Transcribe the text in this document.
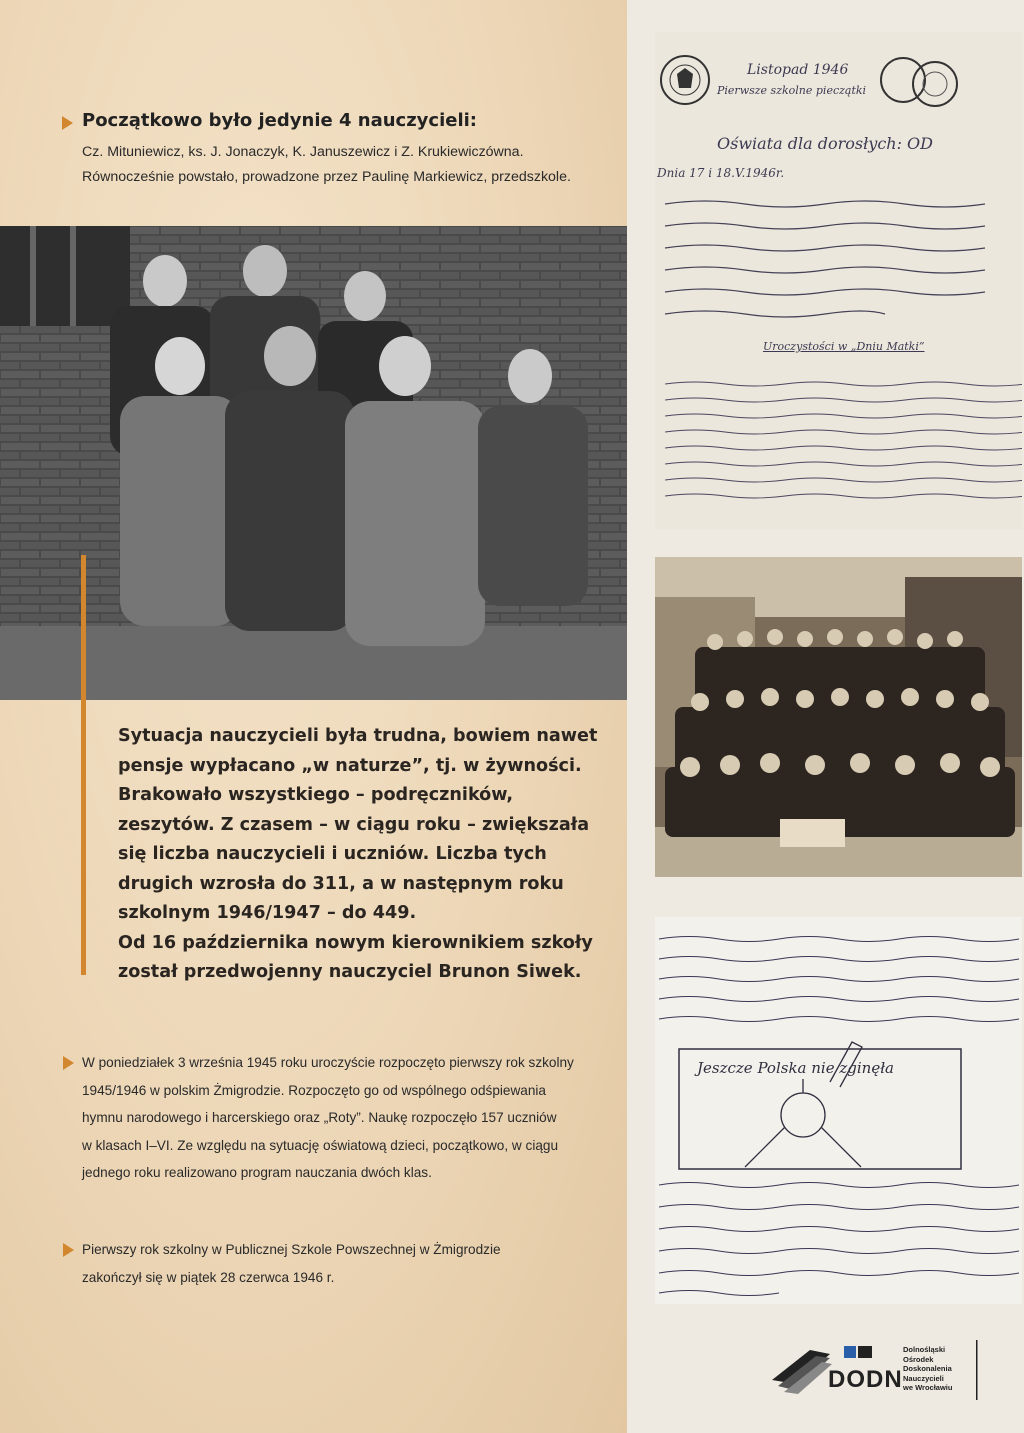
Początkowo było jedynie 4 nauczycieli:

Cz. Mituniewicz, ks. J. Jonaczyk, K. Januszewicz i Z. Krukiewiczówna.
Równocześnie powstało, prowadzone przez Paulinę Markiewicz, przedszkole.
Sytuacja nauczycieli była trudna, bowiem nawet
pensje wypłacano „w naturze”, tj. w żywności.
Brakowało wszystkiego – podręczników,
zeszytów. Z czasem – w ciągu roku – zwiększała
się liczba nauczycieli i uczniów. Liczba tych
drugich wzrosła do 311, a w następnym roku
szkolnym 1946/1947 – do 449.
Od 16 października nowym kierownikiem szkoły
został przedwojenny nauczyciel Brunon Siwek.
W poniedziałek 3 września 1945 roku uroczyście rozpoczęto pierwszy rok szkolny
1945/1946 w polskim Żmigrodzie. Rozpoczęto go od wspólnego odśpiewania
hymnu narodowego i harcerskiego oraz „Roty”. Naukę rozpoczęło 157 uczniów
w klasach I–VI. Ze względu na sytuację oświatową dzieci, początkowo, w ciągu
jednego roku realizowano program nauczania dwóch klas.
Pierwszy rok szkolny w Publicznej Szkole Powszechnej w Żmigrodzie
zakończył się w piątek 28 czerwca 1946 r.
Listopad 1946
Pierwsze szkolne pieczątki
Oświata dla dorosłych: OD
Dnia 17 i 18.V.1946r.
Uroczystości w „Dniu Matki”
Jeszcze Polska nie zginęła
DODN
Dolnośląski
Ośrodek
Doskonalenia
Nauczycieli
we Wrocławiu
